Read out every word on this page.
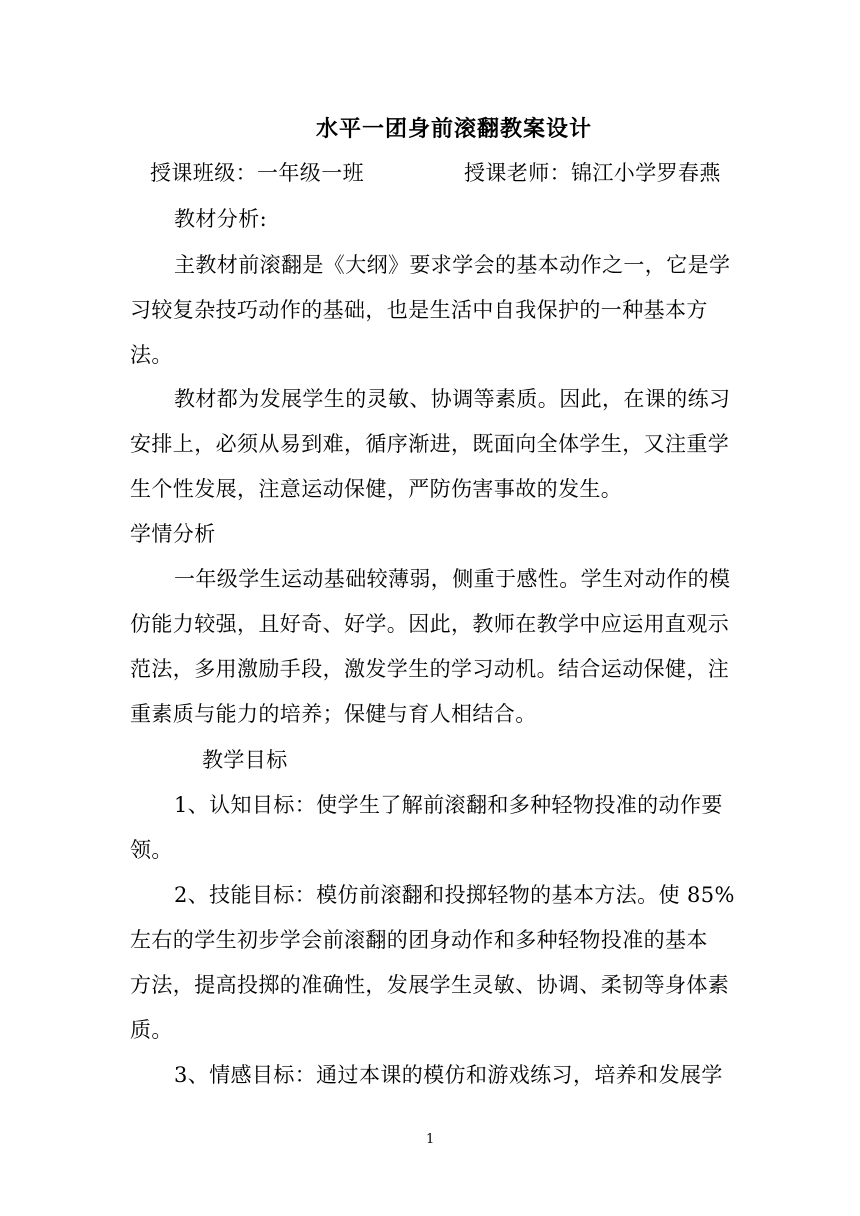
水平一团身前滚翻教案设计
授课班级：一年级一班	授课老师：锦江小学罗春燕
教材分析:
主教材前滚翻是《大纲》要求学会的基本动作之一，它是学
习较复杂技巧动作的基础，也是生活中自我保护的一种基本方
法。
教材都为发展学生的灵敏、协调等素质。因此，在课的练习
安排上，必须从易到难，循序渐进，既面向全体学生，又注重学
生个性发展，注意运动保健，严防伤害事故的发生。
学情分析
一年级学生运动基础较薄弱，侧重于感性。学生对动作的模
仿能力较强，且好奇、好学。因此，教师在教学中应运用直观示
范法，多用激励手段，激发学生的学习动机。结合运动保健，注
重素质与能力的培养；保健与育人相结合。
教学目标
1、认知目标：使学生了解前滚翻和多种轻物投准的动作要
领。
2、技能目标：模仿前滚翻和投掷轻物的基本方法。使 85%
左右的学生初步学会前滚翻的团身动作和多种轻物投准的基本
方法，提高投掷的准确性，发展学生灵敏、协调、柔韧等身体素
质。
3、情感目标：通过本课的模仿和游戏练习，培养和发展学
1
